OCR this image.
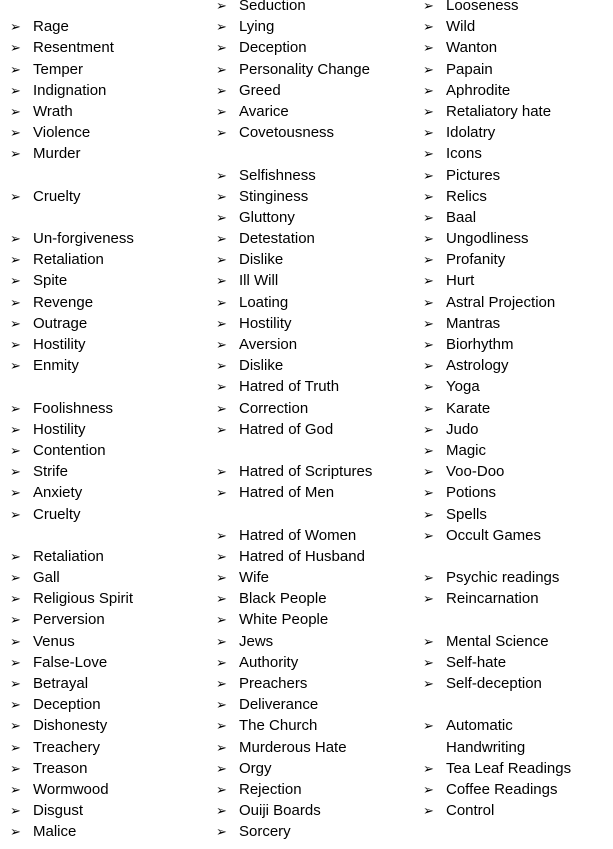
➢ Rage
➢ Resentment
➢ Temper
➢ Indignation
➢ Wrath
➢ Violence
➢ Murder
➢ Cruelty
➢ Un-forgiveness
➢ Retaliation
➢ Spite
➢ Revenge
➢ Outrage
➢ Hostility
➢ Enmity
➢ Foolishness
➢ Hostility
➢ Contention
➢ Strife
➢ Anxiety
➢ Cruelty
➢ Retaliation
➢ Gall
➢ Religious Spirit
➢ Perversion
➢ Venus
➢ False-Love
➢ Betrayal
➢ Deception
➢ Dishonesty
➢ Treachery
➢ Treason
➢ Wormwood
➢ Disgust
➢ Malice
➢ Seduction
➢ Lying
➢ Deception
➢ Personality Change
➢ Greed
➢ Avarice
➢ Covetousness
➢ Selfishness
➢ Stinginess
➢ Gluttony
➢ Detestation
➢ Dislike
➢ Ill Will
➢ Loating
➢ Hostility
➢ Aversion
➢ Dislike
➢ Hatred of Truth
➢ Correction
➢ Hatred of God
➢ Hatred of Scriptures
➢ Hatred of Men
➢ Hatred of Women
➢ Hatred of Husband
➢ Wife
➢ Black People
➢ White People
➢ Jews
➢ Authority
➢ Preachers
➢ Deliverance
➢ The Church
➢ Murderous Hate
➢ Orgy
➢ Rejection
➢ Ouiji Boards
➢ Sorcery
➢ Looseness
➢ Wild
➢ Wanton
➢ Papain
➢ Aphrodite
➢ Retaliatory hate
➢ Idolatry
➢ Icons
➢ Pictures
➢ Relics
➢ Baal
➢ Ungodliness
➢ Profanity
➢ Hurt
➢ Astral Projection
➢ Mantras
➢ Biorhythm
➢ Astrology
➢ Yoga
➢ Karate
➢ Judo
➢ Magic
➢ Voo-Doo
➢ Potions
➢ Spells
➢ Occult Games
➢ Psychic readings
➢ Reincarnation
➢ Mental Science
➢ Self-hate
➢ Self-deception
➢ Automatic
Handwriting
➢ Tea Leaf Readings
➢ Coffee Readings
➢ Control
